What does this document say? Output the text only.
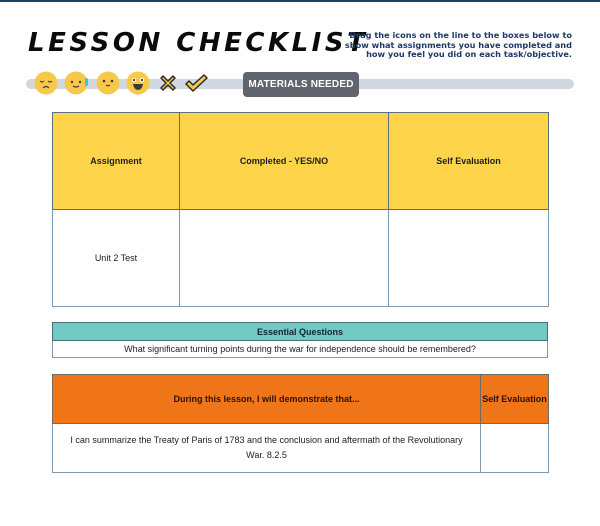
LESSON CHECKLIST
Drag the icons on the line to the boxes below to show what assignments you have completed and how you feel you did on each task/objective.
MATERIALS NEEDED
Assignment	Completed - YES/NO	Self Evaluation
Unit 2 Test		
Essential Questions
What significant turning points during the war for independence should be remembered?
During this lesson, I will demonstrate that...	Self Evaluation
I can summarize the Treaty of Paris of 1783 and the conclusion and aftermath of the Revolutionary War. 8.2.5	
